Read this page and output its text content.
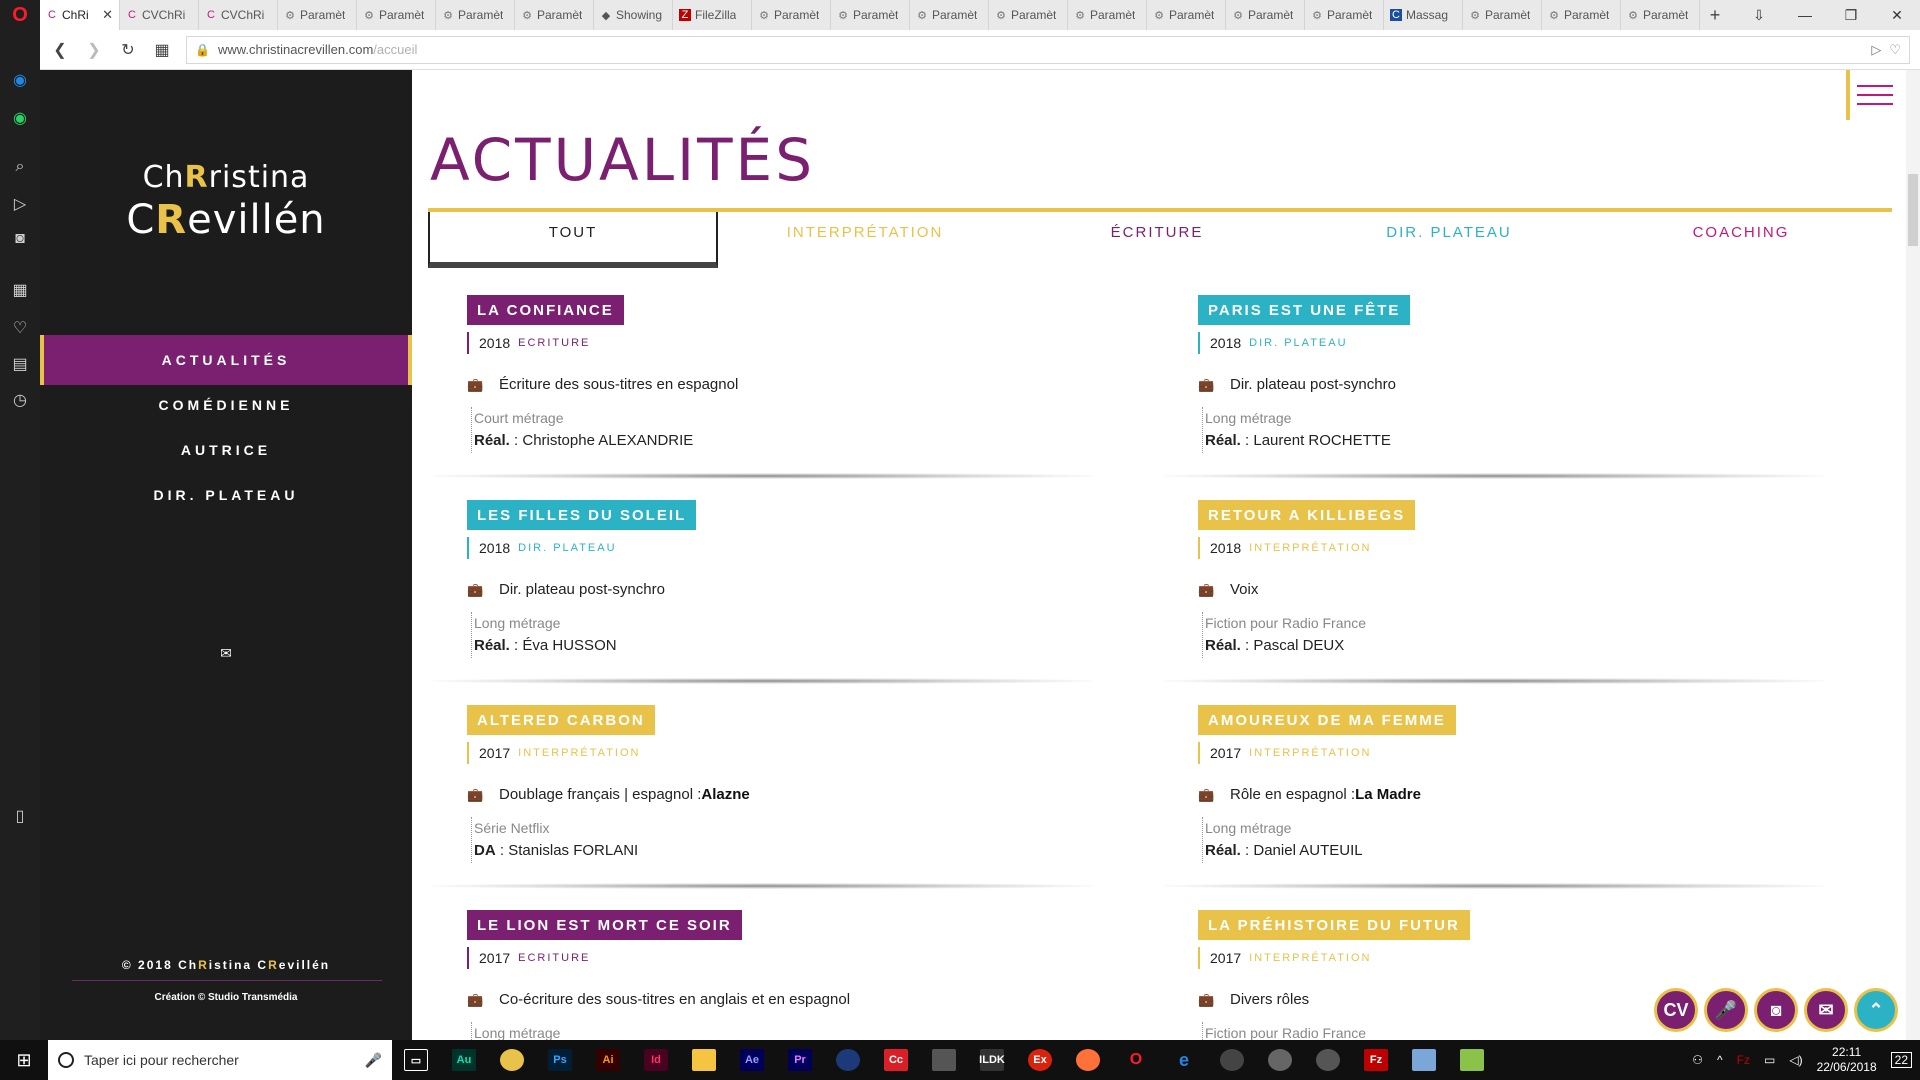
O	C ChRi ✕ C CVChRi C CVChRi ⚙ Paramèt ⚙ Paramèt ⚙ Paramèt ⚙ Paramèt ◆ Showing Z FileZilla ⚙ Paramèt ⚙ Paramèt ⚙ Paramèt ⚙ Paramèt ⚙ Paramèt ⚙ Paramèt ⚙ Paramèt ⚙ Paramèt C Massag ⚙ Paramèt ⚙ Paramèt ⚙ Paramèt	+	⇩	—	❐	✕
❮ ❯ ↻ ▦ 🔒 www.christinacrevillen.com/accueil	▷ ♡
◉
◉
⌕
▷
◙
▦
♡
▤
◷
▯
ChRristina
CRevillén
ACTUALITÉS
COMÉDIENNE
AUTRICE
DIR. PLATEAU
✉
© 2018 ChRistina CRevillén
Création © Studio Transmédia
ACTUALITÉS
TOUT	INTERPRÉTATION	ÉCRITURE	DIR. PLATEAU	COACHING
LA CONFIANCE
2018 ECRITURE
💼 Écriture des sous-titres en espagnol
Court métrage
Réal. : Christophe ALEXANDRIE
PARIS EST UNE FÊTE
2018 DIR. PLATEAU
💼 Dir. plateau post-synchro
Long métrage
Réal. : Laurent ROCHETTE
LES FILLES DU SOLEIL
2018 DIR. PLATEAU
💼 Dir. plateau post-synchro
Long métrage
Réal. : Éva HUSSON
RETOUR A KILLIBEGS
2018 INTERPRÉTATION
💼 Voix
Fiction pour Radio France
Réal. : Pascal DEUX
ALTERED CARBON
2017 INTERPRÉTATION
💼 Doublage français | espagnol : Alazne
Série Netflix
DA : Stanislas FORLANI
AMOUREUX DE MA FEMME
2017 INTERPRÉTATION
💼 Rôle en espagnol : La Madre
Long métrage
Réal. : Daniel AUTEUIL
LE LION EST MORT CE SOIR
2017 ECRITURE
💼 Co-écriture des sous-titres en anglais et en espagnol
Long métrage
LA PRÉHISTOIRE DU FUTUR
2017 INTERPRÉTATION
💼 Divers rôles
Fiction pour Radio France
CV	🎤	◙	✉	⌃
⊞	Taper ici pour rechercher	🎤	▭	Au	Ps	Ai	Id	Ae	Pr	Cc	ILDK	Ex	O	e	Fz	⚇ ^ Fz ▭ ◁)
22:11
22/06/2018	22
